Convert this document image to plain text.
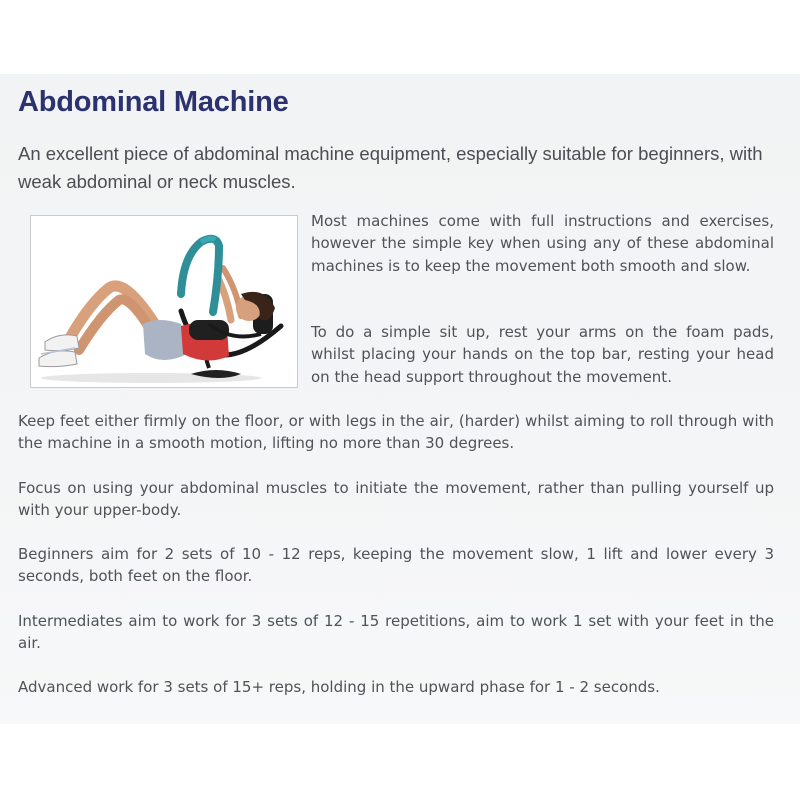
Abdominal Machine

An excellent piece of abdominal machine equipment, especially suitable for beginners, with weak abdominal or neck muscles.

Most machines come with full instructions and exercises, however the simple key when using any of these abdominal machines is to keep the movement both smooth and slow.

To do a simple sit up, rest your arms on the foam pads, whilst placing your hands on the top bar, resting your head on the head support throughout the movement.

Keep feet either firmly on the floor, or with legs in the air, (harder) whilst aiming to roll through with the machine in a smooth motion, lifting no more than 30 degrees.

Focus on using your abdominal muscles to initiate the movement, rather than pulling yourself up with your upper-body.

Beginners aim for 2 sets of 10 - 12 reps, keeping the movement slow, 1 lift and lower every 3 seconds, both feet on the floor.

Intermediates aim to work for 3 sets of 12 - 15 repetitions, aim to work 1 set with your feet in the air.

Advanced work for 3 sets of 15+ reps, holding in the upward phase for 1 - 2 seconds.
